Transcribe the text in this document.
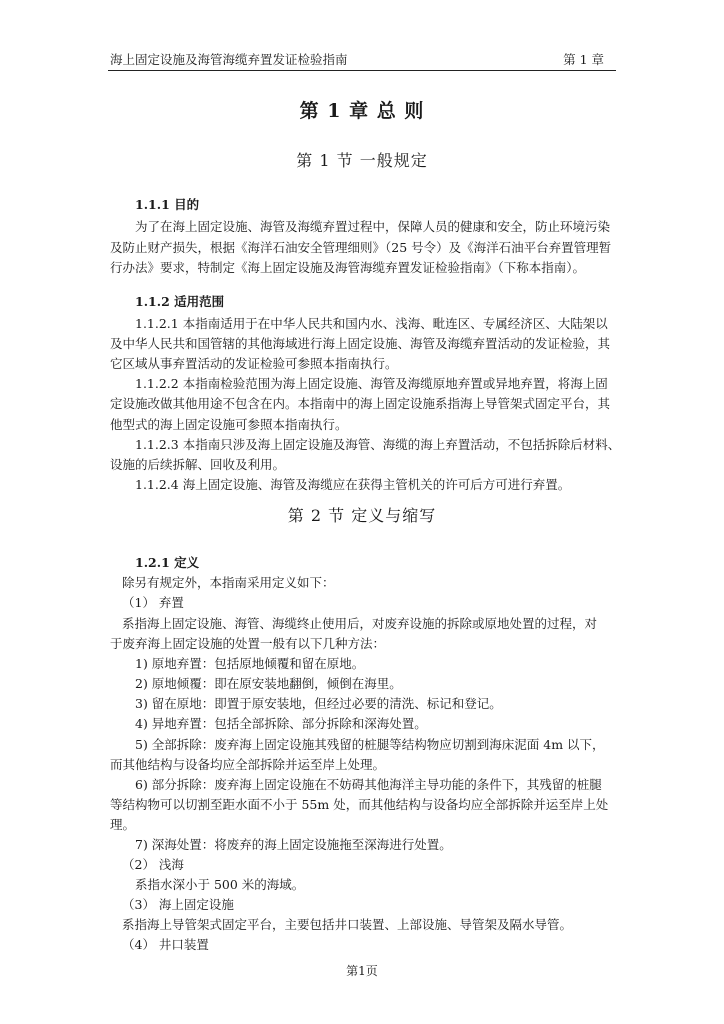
海上固定设施及海管海缆弃置发证检验指南	第 1 章
第 1 章 总 则
第 1 节 一般规定
1.1.1 目的
为了在海上固定设施、海管及海缆弃置过程中，保障人员的健康和安全，防止环境污染
及防止财产损失，根据《海洋石油安全管理细则》（25 号令）及《海洋石油平台弃置管理暂
行办法》要求，特制定《海上固定设施及海管海缆弃置发证检验指南》（下称本指南）。
1.1.2 适用范围
1.1.2.1 本指南适用于在中华人民共和国内水、浅海、毗连区、专属经济区、大陆架以
及中华人民共和国管辖的其他海域进行海上固定设施、海管及海缆弃置活动的发证检验，其
它区域从事弃置活动的发证检验可参照本指南执行。
1.1.2.2 本指南检验范围为海上固定设施、海管及海缆原地弃置或异地弃置，将海上固
定设施改做其他用途不包含在内。本指南中的海上固定设施系指海上导管架式固定平台，其
他型式的海上固定设施可参照本指南执行。
1.1.2.3 本指南只涉及海上固定设施及海管、海缆的海上弃置活动，不包括拆除后材料、
设施的后续拆解、回收及利用。
1.1.2.4 海上固定设施、海管及海缆应在获得主管机关的许可后方可进行弃置。
第 2 节 定义与缩写
1.2.1 定义
除另有规定外，本指南采用定义如下：
（1） 弃置
系指海上固定设施、海管、海缆终止使用后，对废弃设施的拆除或原地处置的过程，对
于废弃海上固定设施的处置一般有以下几种方法：
1) 原地弃置：包括原地倾覆和留在原地。
2) 原地倾覆：即在原安装地翻倒，倾倒在海里。
3) 留在原地：即置于原安装地，但经过必要的清洗、标记和登记。
4) 异地弃置：包括全部拆除、部分拆除和深海处置。
5) 全部拆除：废弃海上固定设施其残留的桩腿等结构物应切割到海床泥面 4m 以下，
而其他结构与设备均应全部拆除并运至岸上处理。
6) 部分拆除：废弃海上固定设施在不妨碍其他海洋主导功能的条件下，其残留的桩腿
等结构物可以切割至距水面不小于 55m 处，而其他结构与设备均应全部拆除并运至岸上处
理。
7) 深海处置：将废弃的海上固定设施拖至深海进行处置。
（2） 浅海
系指水深小于 500 米的海域。
（3） 海上固定设施
系指海上导管架式固定平台，主要包括井口装置、上部设施、导管架及隔水导管。
（4） 井口装置
第1页
